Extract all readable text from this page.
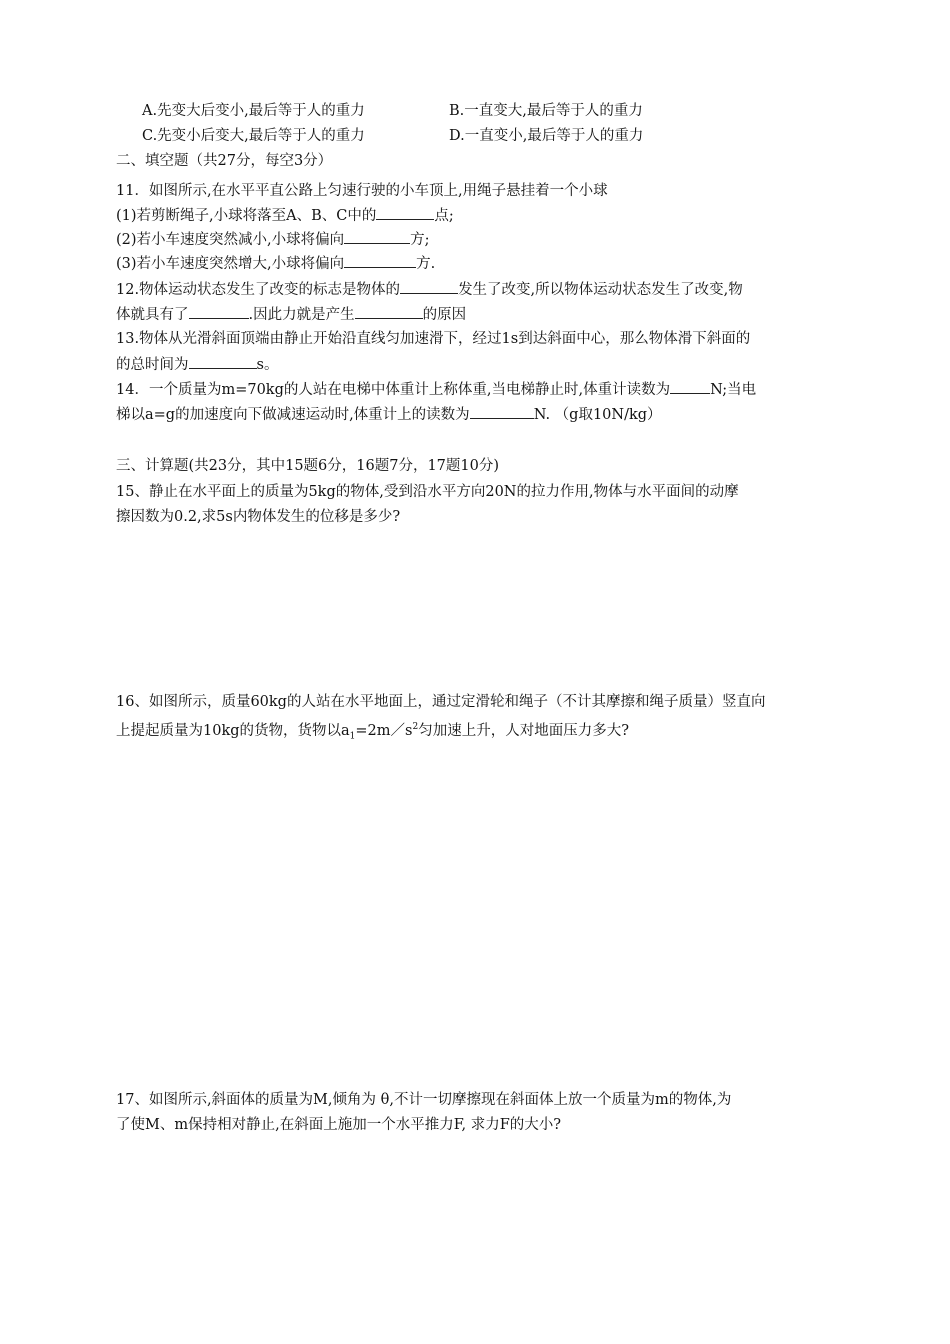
A.先变大后变小,最后等于人的重力	B.一直变大,最后等于人的重力
C.先变小后变大,最后等于人的重力	D.一直变小,最后等于人的重力
二、填空题（共27分，每空3分）
11．如图所示,在水平平直公路上匀速行驶的小车顶上,用绳子悬挂着一个小球
(1)若剪断绳子,小球将落至A、B、C中的	点;
(2)若小车速度突然减小,小球将偏向	方;
(3)若小车速度突然增大,小球将偏向	方.
12.物体运动状态发生了改变的标志是物体的	发生了改变,所以物体运动状态发生了改变,物
体就具有了	.因此力就是产生	的原因
13.物体从光滑斜面顶端由静止开始沿直线匀加速滑下，经过1s到达斜面中心，那么物体滑下斜面的
的总时间为	s。
14．一个质量为m=70kg的人站在电梯中体重计上称体重,当电梯静止时,体重计读数为	N;当电
梯以a=g的加速度向下做减速运动时,体重计上的读数为	N. （g取10N/kg）
三、计算题(共23分，其中15题6分，16题7分，17题10分)
15、静止在水平面上的质量为5kg的物体,受到沿水平方向20N的拉力作用,物体与水平面间的动摩
擦因数为0.2,求5s内物体发生的位移是多少?
16、如图所示，质量60kg的人站在水平地面上，通过定滑轮和绳子（不计其摩擦和绳子质量）竖直向
上提起质量为10kg的货物，货物以$a_1=2m/s^2$匀加速上升，人对地面压力多大?
17、如图所示,斜面体的质量为M,倾角为 θ,不计一切摩擦现在斜面体上放一个质量为m的物体,为
了使M、m保持相对静止,在斜面上施加一个水平推力F, 求力F的大小?
